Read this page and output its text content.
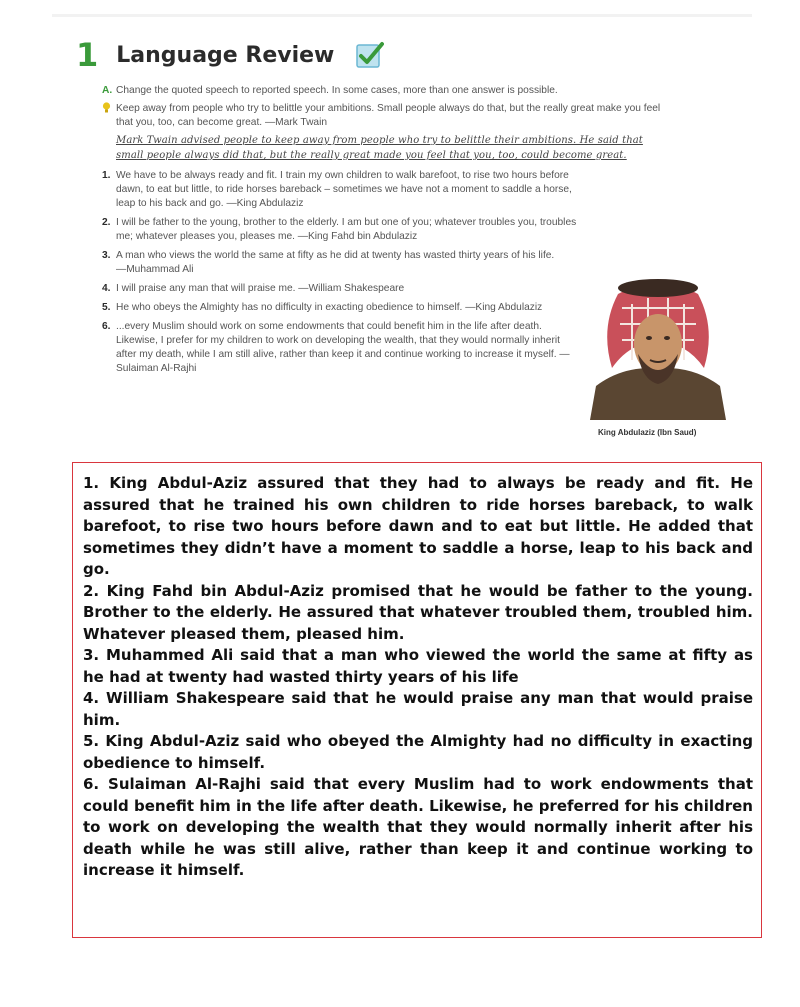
1 Language Review
A. Change the quoted speech to reported speech. In some cases, more than one answer is possible.
Keep away from people who try to belittle your ambitions. Small people always do that, but the really great make you feel that you, too, can become great. —Mark Twain
Mark Twain advised people to keep away from people who try to belittle their ambitions. He said that small people always did that, but the really great made you feel that you, too, could become great.
1. We have to be always ready and fit. I train my own children to walk barefoot, to rise two hours before dawn, to eat but little, to ride horses bareback – sometimes we have not a moment to saddle a horse, leap to his back and go. —King Abdulaziz
2. I will be father to the young, brother to the elderly. I am but one of you; whatever troubles you, troubles me; whatever pleases you, pleases me. —King Fahd bin Abdulaziz
3. A man who views the world the same at fifty as he did at twenty has wasted thirty years of his life. —Muhammad Ali
4. I will praise any man that will praise me. —William Shakespeare
5. He who obeys the Almighty has no difficulty in exacting obedience to himself. —King Abdulaziz
6. ...every Muslim should work on some endowments that could benefit him in the life after death. Likewise, I prefer for my children to work on developing the wealth, that they would normally inherit after my death, while I am still alive, rather than keep it and continue working to increase it myself. —Sulaiman Al-Rajhi
King Abdulaziz (Ibn Saud)

1. King Abdul-Aziz assured that they had to always be ready and fit. He assured that he trained his own children to ride horses bareback, to walk barefoot, to rise two hours before dawn and to eat but little. He added that sometimes they didn’t have a moment to saddle a horse, leap to his back and go.

2. King Fahd bin Abdul-Aziz promised that he would be father to the young. Brother to the elderly. He assured that whatever troubled them, troubled him. Whatever pleased them, pleased him.

3. Muhammed Ali said that a man who viewed the world the same at fifty as he had at twenty had wasted thirty years of his life

4. William Shakespeare said that he would praise any man that would praise him.

5. King Abdul-Aziz said who obeyed the Almighty had no difficulty in exacting obedience to himself.

6. Sulaiman Al-Rajhi said that every Muslim had to work endowments that could benefit him in the life after death. Likewise, he preferred for his children to work on developing the wealth that they would normally inherit after his death while he was still alive, rather than keep it and continue working to increase it himself.
